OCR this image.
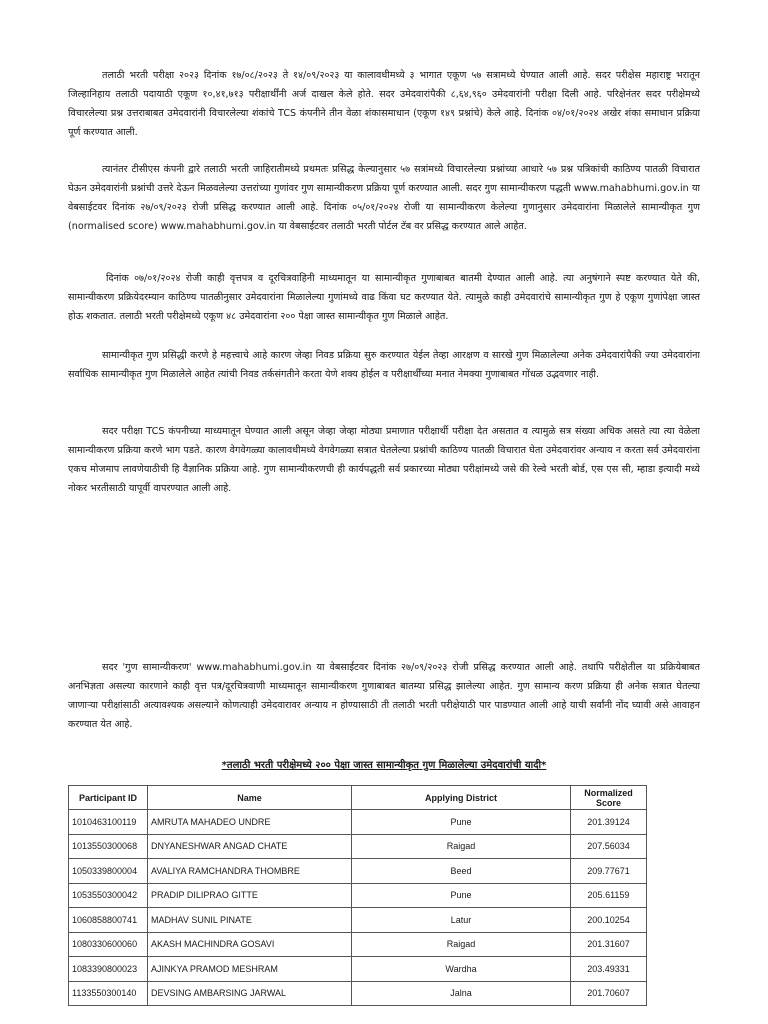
तलाठी भरती परीक्षा २०२३ दिनांक १७/०८/२०२३ ते १४/०९/२०२३ या कालावधीमध्ये ३ भागात एकूण ५७ सत्रामध्ये घेण्यात आली आहे. सदर परीक्षेस महाराष्ट्र भरातून जिल्हानिहाय तलाठी पदायाठी एकूण १०,४१,७१३ परीक्षार्थींनी अर्ज दाखल केले होते. सदर उमेदवारांपैकी ८,६४,९६० उमेदवारांनी परीक्षा दिली आहे. परिक्षेनंतर सदर परीक्षेमध्ये विचारलेल्या प्रश्न उत्तराबाबत उमेदवारांनी विचारलेल्या शंकांचे TCS कंपनीने तीन वेळा शंकासमाधान (एकूण १४९ प्रश्नांचे) केले आहे. दिनांक ०४/०१/२०२४ अखेर शंका समाधान प्रक्रिया पूर्ण करण्यात आली.

त्यानंतर टीसीएस कंपनी द्वारे तलाठी भरती जाहिरातीमध्ये प्रथमतः प्रसिद्ध केल्यानुसार ५७ सत्रांमध्ये विचारलेल्या प्रश्नांच्या आधारे ५७ प्रश्न पत्रिकांची काठिण्य पातळी विचारात घेऊन उमेदवारांनी प्रश्नांची उत्तरे देऊन मिळवलेल्या उत्तरांच्या गुणांवर गुण सामान्यीकरण प्रक्रिया पूर्ण करण्यात आली. सदर गुण सामान्यीकरण पद्धती www.mahabhumi.gov.in या वेबसाईटवर दिनांक २७/०९/२०२३ रोजी प्रसिद्ध करण्यात आली आहे. दिनांक ०५/०१/२०२४ रोजी या सामान्यीकरण केलेल्या गुणानुसार उमेदवारांना मिळालेले सामान्यीकृत गुण (normalised score) www.mahabhumi.gov.in या वेबसाईटवर तलाठी भरती पोर्टल टॅब वर प्रसिद्ध करण्यात आले आहेत.

दिनांक ०७/०१/२०२४ रोजी काही वृत्तपत्र व दूरचित्रवाहिनी माध्यमातून या सामान्यीकृत गुणाबाबत बातमी देण्यात आली आहे. त्या अनुषंगाने स्पष्ट करण्यात येते की, सामान्यीकरण प्रक्रियेदरम्यान काठिण्य पातळीनुसार उमेदवारांना मिळालेल्या गुणांमध्ये वाढ किंवा घट करण्यात येते. त्यामुळे काही उमेदवारांचे सामान्यीकृत गुण हे एकूण गुणांपेक्षा जास्त होऊ शकतात. तलाठी भरती परीक्षेमध्ये एकूण ४८ उमेदवारांना २०० पेक्षा जास्त सामान्यीकृत गुण मिळाले आहेत.

सामान्यीकृत गुण प्रसिद्धी करणे हे महत्त्वाचे आहे कारण जेव्हा निवड प्रक्रिया सुरु करण्यात येईल तेव्हा आरक्षण व सारखे गुण मिळालेल्या अनेक उमेदवारांपैकी ज्या उमेदवारांना सर्वाधिक सामान्यीकृत गुण मिळालेले आहेत त्यांची निवड तर्कसंगतीने करता येणे शक्य होईल व परीक्षार्थींच्या मनात नेमक्या गुणाबाबत गोंधळ उद्भवणार नाही.

सदर परीक्षा TCS कंपनीच्या माध्यमातून घेण्यात आली असून जेव्हा जेव्हा मोठ्या प्रमाणात परीक्षार्थी परीक्षा देत असतात व त्यामुळे सत्र संख्या अधिक असते त्या त्या वेळेला सामान्यीकरण प्रक्रिया करणे भाग पडते. कारण वेगवेगळ्या कालावधीमध्ये वेगवेगळ्या सत्रात घेतलेल्या प्रश्नांची काठिण्य पातळी विचारात घेता उमेदवारांवर अन्याय न करता सर्व उमेदवारांना एकच मोजमाप लावणेयाठीची हि वैज्ञानिक प्रक्रिया आहे. गुण सामान्यीकरणची ही कार्यपद्धती सर्व प्रकारच्या मोठ्या परीक्षांमध्ये जसे की रेल्वे भरती बोर्ड, एस एस सी, म्हाडा इत्यादी मध्ये नोकर भरतीसाठी यापूर्वी वापरण्यात आली आहे.

सदर 'गुण सामान्यीकरण' www.mahabhumi.gov.in या वेबसाईटवर दिनांक २७/०९/२०२३ रोजी प्रसिद्ध करण्यात आली आहे. तथापि परीक्षेतील या प्रक्रियेबाबत अनभिज्ञता असल्या कारणाने काही वृत्त पत्र/दूरचित्रवाणी माध्यमातून सामान्यीकरण गुणाबाबत बातम्या प्रसिद्ध झालेल्या आहेत. गुण सामान्य करण प्रक्रिया ही अनेक सत्रात घेतल्या जाणाऱ्या परीक्षांसाठी अत्यावश्यक असल्याने कोणत्याही उमेदवारावर अन्याय न होण्यासाठी ती तलाठी भरती परीक्षेयाठी पार पाडण्यात आली आहे याची सर्वांनी नोंद घ्यावी असे आवाहन करण्यात येत आहे.

*तलाठी भरती परीक्षेमध्ये २०० पेक्षा जास्त सामान्यीकृत गुण मिळालेल्या उमेदवारांची यादी*

Participant ID	Name	Applying District	Normalized Score
1010463100119	AMRUTA MAHADEO UNDRE	Pune	201.39124
1013550300068	DNYANESHWAR ANGAD CHATE	Raigad	207.56034
1050339800004	AVALIYA RAMCHANDRA THOMBRE	Beed	209.77671
1053550300042	PRADIP DILIPRAO GITTE	Pune	205.61159
1060858800741	MADHAV SUNIL PINATE	Latur	200.10254
1080330600060	AKASH MACHINDRA GOSAVI	Raigad	201.31607
1083390800023	AJINKYA PRAMOD MESHRAM	Wardha	203.49331
1133550300140	DEVSING AMBARSING JARWAL	Jalna	201.70607
